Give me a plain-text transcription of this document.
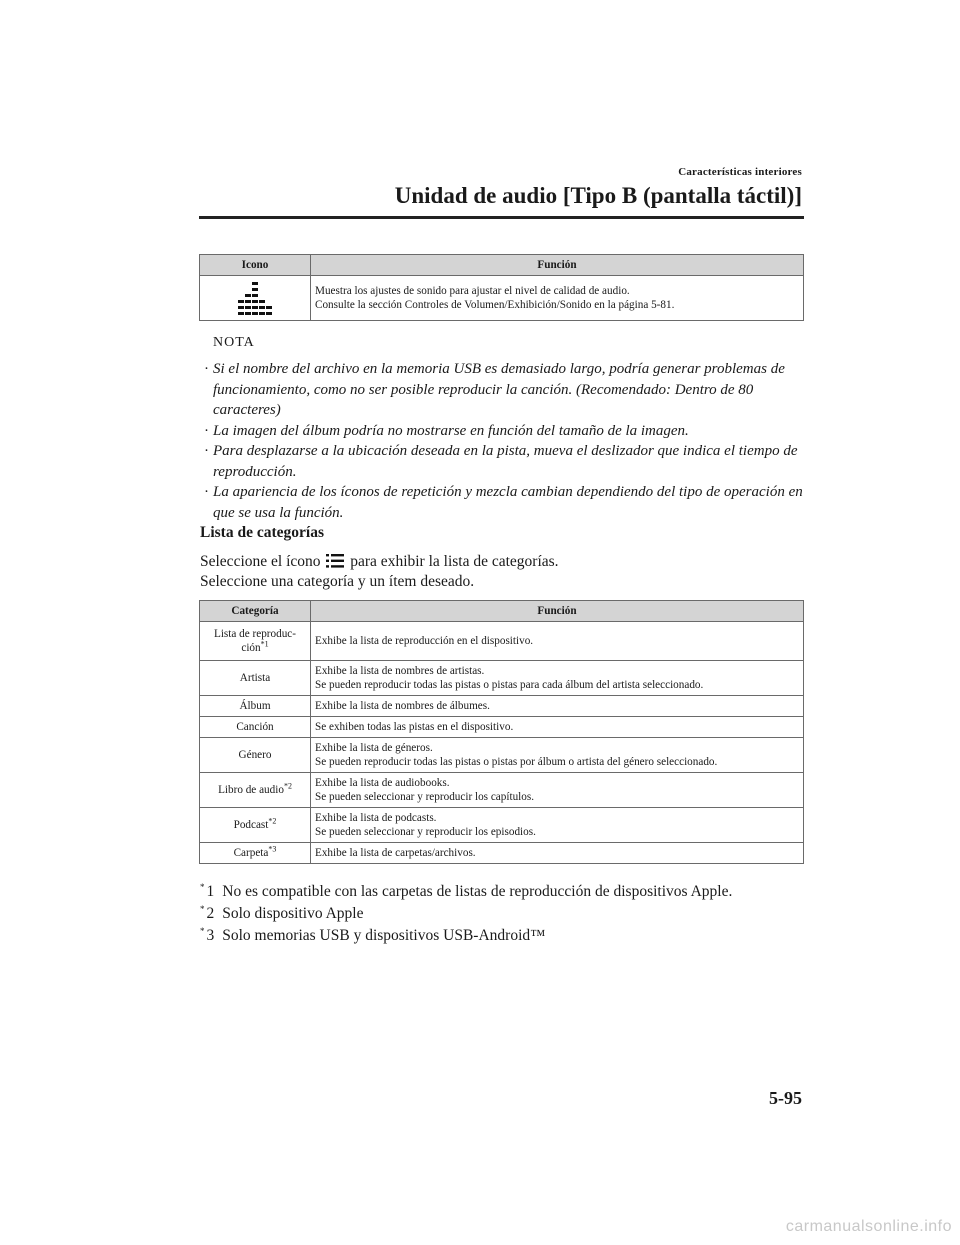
Características interiores
Unidad de audio [Tipo B (pantalla táctil)]
Icono	Función

Muestra los ajustes de sonido para ajustar el nivel de calidad de audio.
Consulte la sección Controles de Volumen/Exhibición/Sonido en la página 5-81.
NOTA
· Si el nombre del archivo en la memoria USB es demasiado largo, podría generar problemas de funcionamiento, como no ser posible reproducir la canción. (Recomendado: Dentro de 80 caracteres)
· La imagen del álbum podría no mostrarse en función del tamaño de la imagen.
· Para desplazarse a la ubicación deseada en la pista, mueva el deslizador que indica el tiempo de reproducción.
· La apariencia de los íconos de repetición y mezcla cambian dependiendo del tipo de operación en que se usa la función.
Lista de categorías
Seleccione el ícono para exhibir la lista de categorías.
Seleccione una categoría y un ítem deseado.
Categoría	Función
Lista de reproduc-ción$^{*1}$	Exhibe la lista de reproducción en el dispositivo.

Artista	Exhibe la lista de nombres de artistas.
Se pueden reproducir todas las pistas o pistas para cada álbum del artista seleccionado.

Álbum	Exhibe la lista de nombres de álbumes.

Canción	Se exhiben todas las pistas en el dispositivo.

Género	Exhibe la lista de géneros.
Se pueden reproducir todas las pistas o pistas por álbum o artista del género seleccionado.

Libro de audio$^{*2}$	Exhibe la lista de audiobooks.
Se pueden seleccionar y reproducir los capítulos.

Podcast$^{*2}$	Exhibe la lista de podcasts.
Se pueden seleccionar y reproducir los episodios.

Carpeta$^{*3}$	Exhibe la lista de carpetas/archivos.
* 1 No es compatible con las carpetas de listas de reproducción de dispositivos Apple.
* 2 Solo dispositivo Apple
* 3 Solo memorias USB y dispositivos USB-Android™
5-95
carmanualsonline.info
